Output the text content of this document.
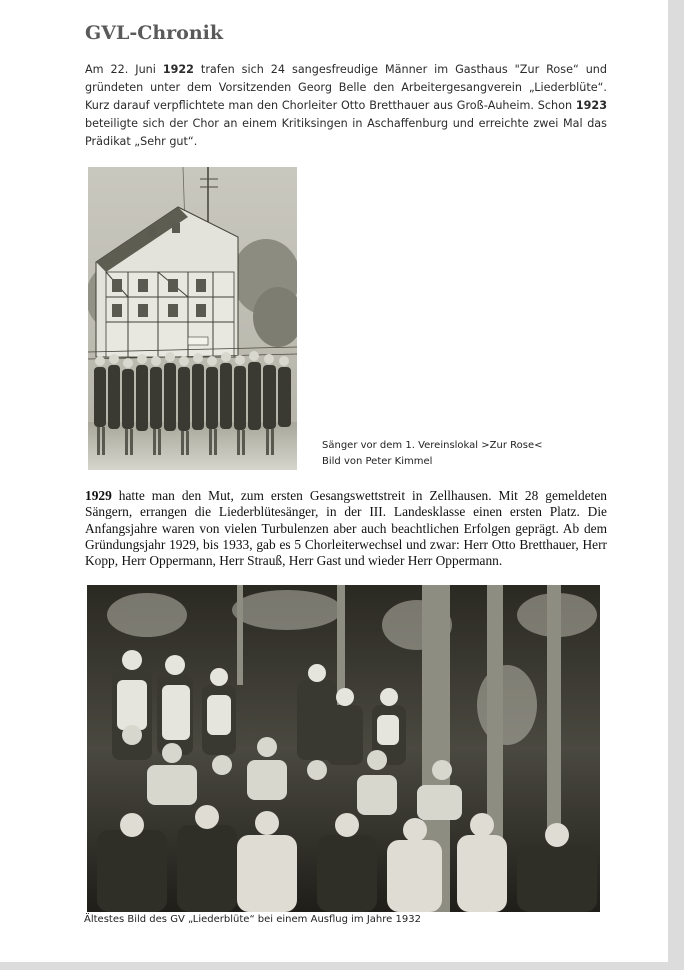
GVL-Chronik

Am 22. Juni 1922 trafen sich 24 sangesfreudige Männer im Gasthaus "Zur Rose“ und gründeten unter dem Vorsitzenden Georg Belle den Arbeitergesangverein „Liederblüte“. Kurz darauf verpflichtete man den Chorleiter Otto Bretthauer aus Groß-Auheim. Schon 1923 beteiligte sich der Chor an einem Kritiksingen in Aschaffenburg und erreichte zwei Mal das Prädikat „Sehr gut“.

Sänger vor dem 1. Vereinslokal >Zur Rose<
Bild von Peter Kimmel

1929 hatte man den Mut, zum ersten Gesangswettstreit in Zellhausen. Mit 28 gemeldeten Sängern, errangen die Liederblütesänger, in der III. Landesklasse einen ersten Platz. Die Anfangsjahre waren von vielen Turbulenzen aber auch beachtlichen Erfolgen geprägt. Ab dem Gründungsjahr 1929, bis 1933, gab es 5 Chorleiterwechsel und zwar: Herr Otto Bretthauer, Herr Kopp, Herr Oppermann, Herr Strauß, Herr Gast und wieder Herr Oppermann.

Ältestes Bild des GV „Liederblüte“ bei einem Ausflug im Jahre 1932
